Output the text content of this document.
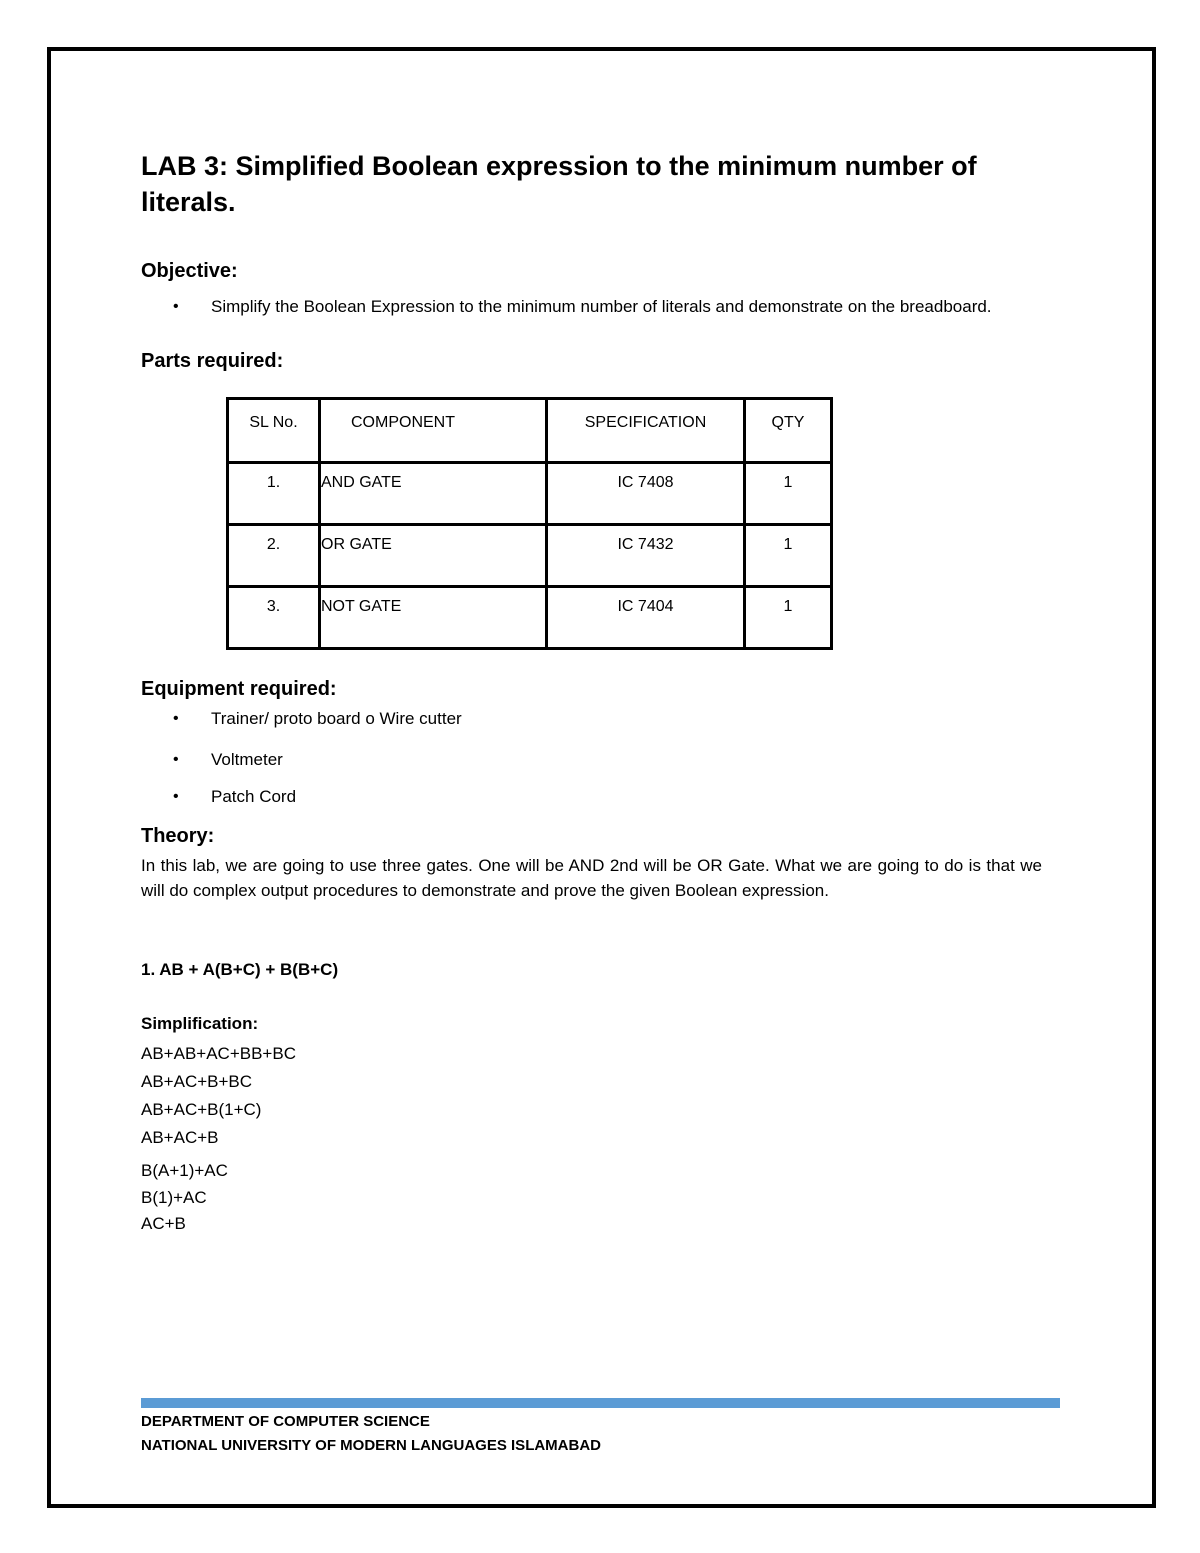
LAB 3: Simplified Boolean expression to the minimum number of literals.
Objective:
• Simplify the Boolean Expression to the minimum number of literals and demonstrate on the breadboard.
Parts required:
SL No.	COMPONENT	SPECIFICATION	QTY
1.	AND GATE	IC 7408	1
2.	OR GATE	IC 7432	1
3.	NOT GATE	IC 7404	1
Equipment required:
• Trainer/ proto board o Wire cutter
• Voltmeter
• Patch Cord
Theory:
In this lab, we are going to use three gates. One will be AND 2nd will be OR Gate. What we are going to do is that we will do complex output procedures to demonstrate and prove the given Boolean expression.
1. AB + A(B+C) + B(B+C)
Simplification:
AB+AB+AC+BB+BC
AB+AC+B+BC
AB+AC+B(1+C)
AB+AC+B
B(A+1)+AC
B(1)+AC
AC+B
DEPARTMENT OF COMPUTER SCIENCE
NATIONAL UNIVERSITY OF MODERN LANGUAGES ISLAMABAD
